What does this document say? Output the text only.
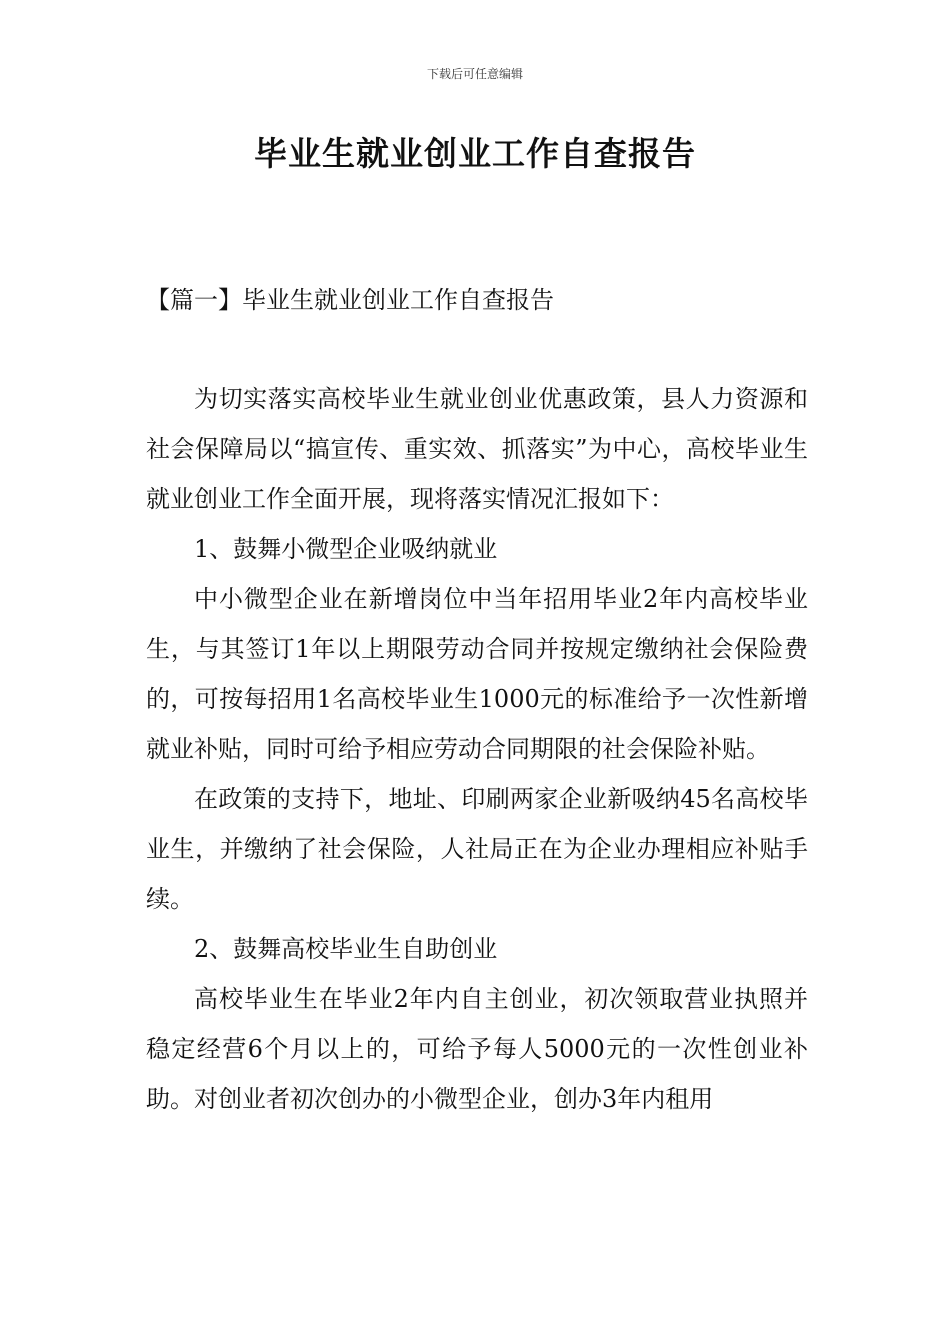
下载后可任意编辑
毕业生就业创业工作自查报告
【篇一】毕业生就业创业工作自查报告

为切实落实高校毕业生就业创业优惠政策，县人力资源和社会保障局以“搞宣传、重实效、抓落实”为中心，高校毕业生就业创业工作全面开展，现将落实情况汇报如下：

1、鼓舞小微型企业吸纳就业

中小微型企业在新增岗位中当年招用毕业2年内高校毕业生，与其签订1年以上期限劳动合同并按规定缴纳社会保险费的，可按每招用1名高校毕业生1000元的标准给予一次性新增就业补贴，同时可给予相应劳动合同期限的社会保险补贴。

在政策的支持下，地址、印刷两家企业新吸纳45名高校毕业生，并缴纳了社会保险，人社局正在为企业办理相应补贴手续。

2、鼓舞高校毕业生自助创业

高校毕业生在毕业2年内自主创业，初次领取营业执照并稳定经营6个月以上的，可给予每人5000元的一次性创业补助。对创业者初次创办的小微型企业，创办3年内租用
